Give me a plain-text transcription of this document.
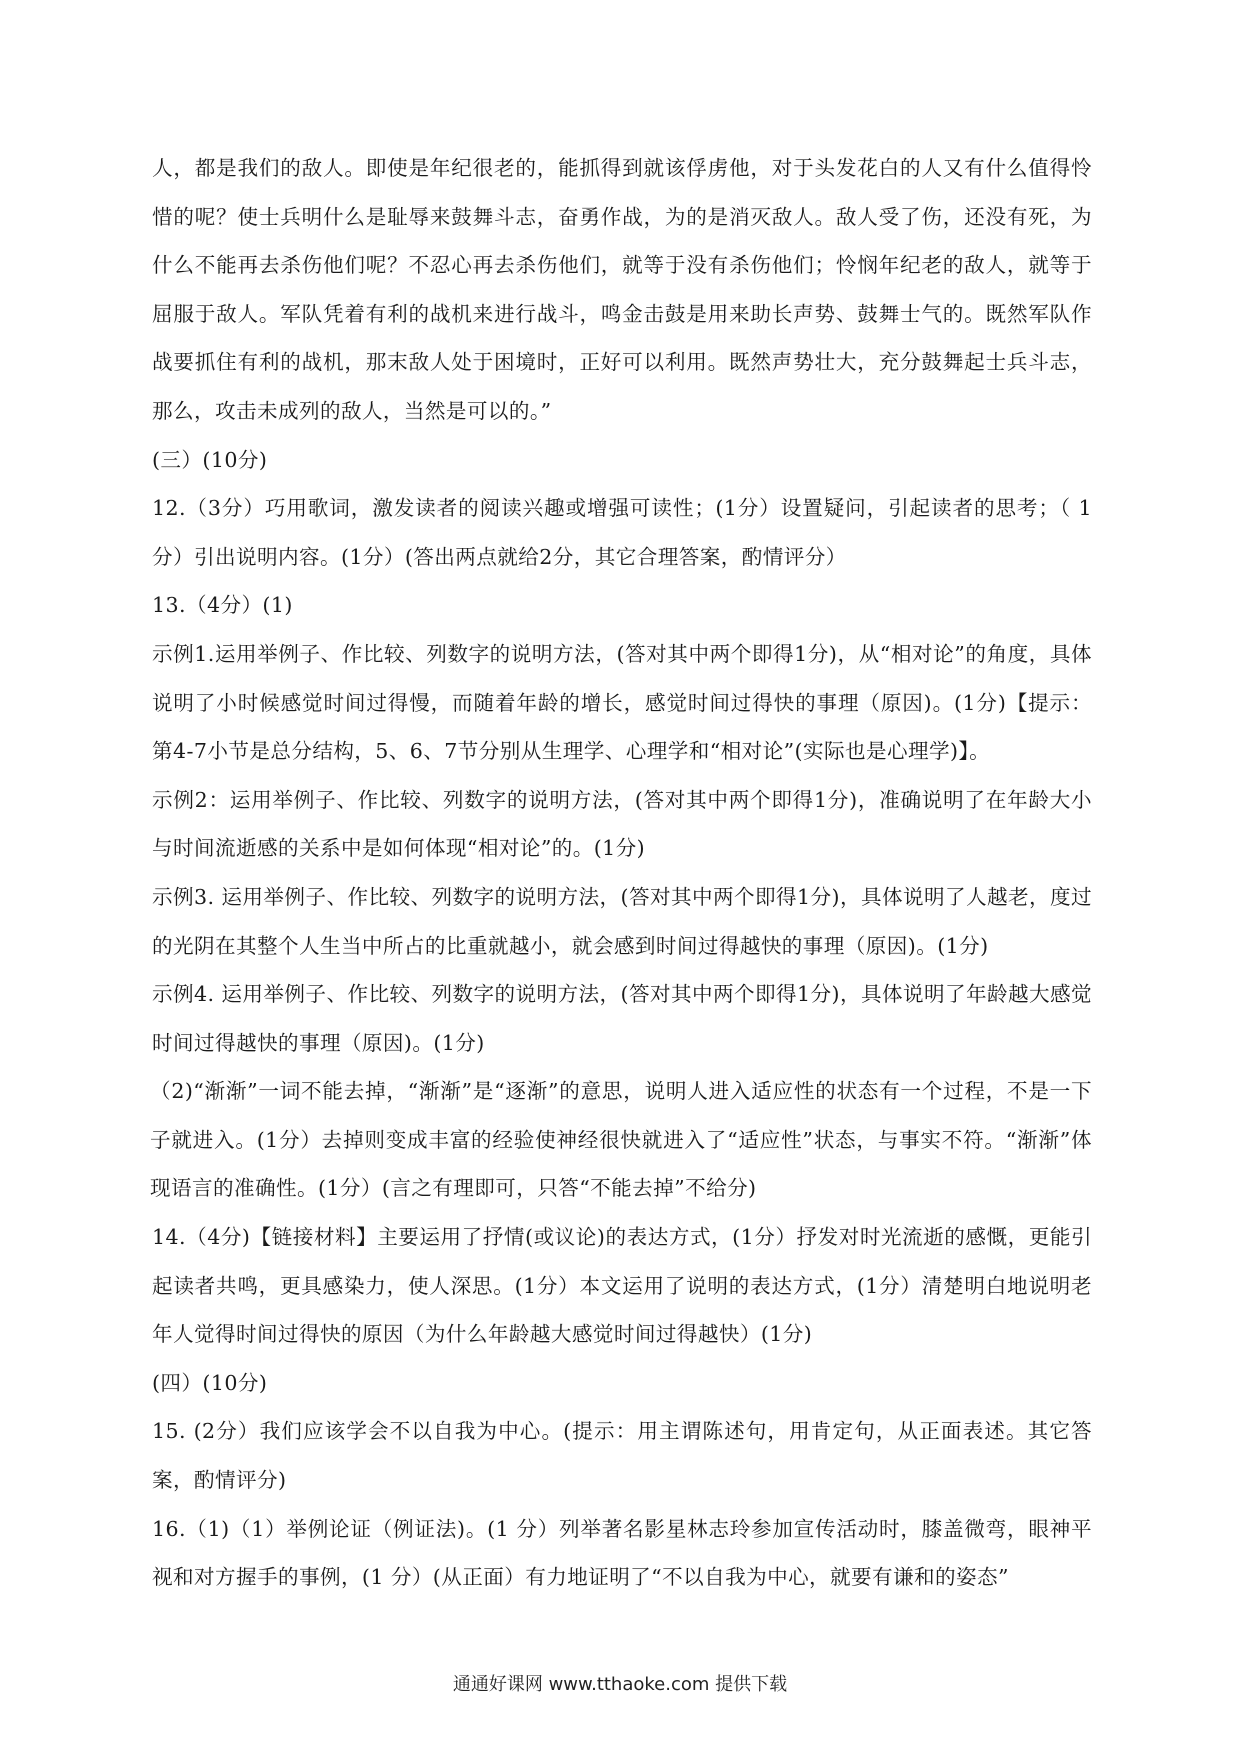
人，都是我们的敌人。即使是年纪很老的，能抓得到就该俘虏他，对于头发花白的人又有什么值得怜惜的呢？使士兵明什么是耻辱来鼓舞斗志，奋勇作战，为的是消灭敌人。敌人受了伤，还没有死，为什么不能再去杀伤他们呢？不忍心再去杀伤他们，就等于没有杀伤他们；怜悯年纪老的敌人，就等于屈服于敌人。军队凭着有利的战机来进行战斗，鸣金击鼓是用来助长声势、鼓舞士气的。既然军队作战要抓住有利的战机，那末敌人处于困境时，正好可以利用。既然声势壮大，充分鼓舞起士兵斗志，那么，攻击未成列的敌人，当然是可以的。”

(三）(10分)

12.（3分）巧用歌词，激发读者的阅读兴趣或增强可读性；(1分）设置疑问，引起读者的思考；（ 1分）引出说明内容。(1分）(答出两点就给2分，其它合理答案，酌情评分）

13.（4分）(1)

示例1.运用举例子、作比较、列数字的说明方法，(答对其中两个即得1分)，从“相对论”的角度，具体说明了小时候感觉时间过得慢，而随着年龄的增长，感觉时间过得快的事理（原因)。(1分)【提示：第4-7小节是总分结构，5、6、7节分别从生理学、心理学和“相对论”(实际也是心理学)】。

示例2：运用举例子、作比较、列数字的说明方法，(答对其中两个即得1分)，准确说明了在年龄大小与时间流逝感的关系中是如何体现“相对论”的。(1分)

示例3. 运用举例子、作比较、列数字的说明方法，(答对其中两个即得1分)，具体说明了人越老，度过的光阴在其整个人生当中所占的比重就越小，就会感到时间过得越快的事理（原因)。(1分)

示例4. 运用举例子、作比较、列数字的说明方法，(答对其中两个即得1分)，具体说明了年龄越大感觉时间过得越快的事理（原因)。(1分)

（2)“渐渐”一词不能去掉，“渐渐”是“逐渐”的意思，说明人进入适应性的状态有一个过程，不是一下子就进入。(1分）去掉则变成丰富的经验使神经很快就进入了“适应性”状态，与事实不符。“渐渐”体现语言的准确性。(1分）(言之有理即可，只答“不能去掉”不给分)

14.（4分)【链接材料】主要运用了抒情(或议论)的表达方式，(1分）抒发对时光流逝的感慨，更能引起读者共鸣，更具感染力，使人深思。(1分）本文运用了说明的表达方式，(1分）清楚明白地说明老年人觉得时间过得快的原因（为什么年龄越大感觉时间过得越快）(1分)

(四）(10分)

15. (2分）我们应该学会不以自我为中心。(提示：用主谓陈述句，用肯定句，从正面表述。其它答案，酌情评分)

16.（1)（1）举例论证（例证法)。(1 分）列举著名影星林志玲参加宣传活动时，膝盖微弯，眼神平视和对方握手的事例，(1 分）(从正面）有力地证明了“不以自我为中心，就要有谦和的姿态”

通通好课网 www.tthaoke.com 提供下载
